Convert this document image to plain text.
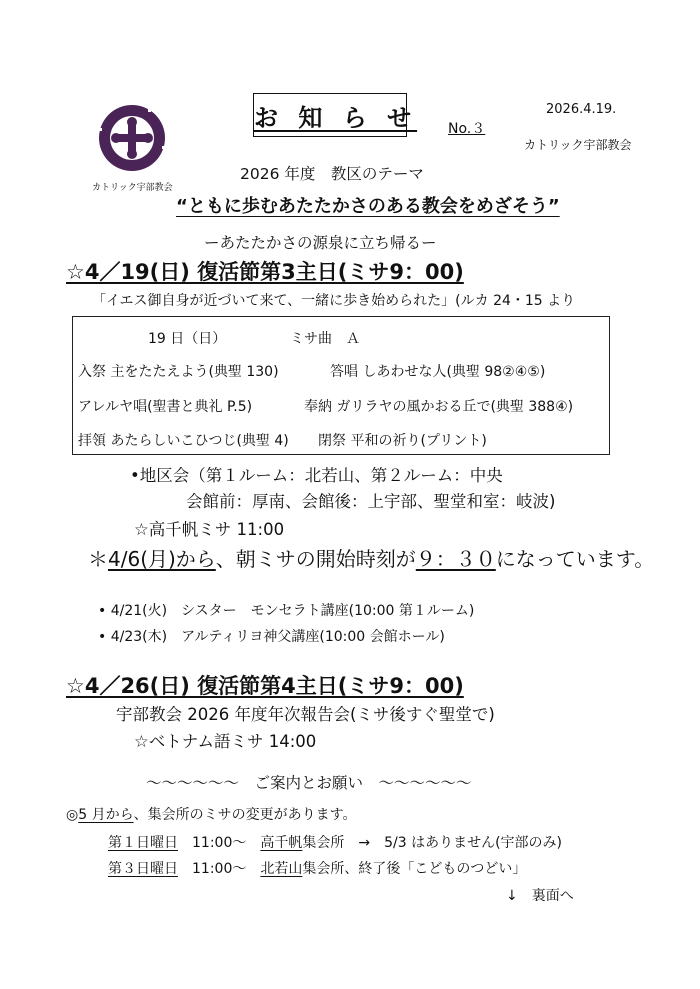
カトリック宇部教会
お 知 ら せ No.３
2026.4.19.
カトリック宇部教会
2026 年度　教区のテーマ
“ともに歩むあたたかさのある教会をめざそう”
ーあたたかさの源泉に立ち帰るー
☆4／19(日) 復活節第3主日(ミサ9：00)
「イエス御自身が近づいて来て、一緒に歩き始められた」(ルカ 24・15 より
19 日（日）	ミサ曲　Ａ
入祭 主をたたえよう(典聖 130)	答唱 しあわせな人(典聖 98②④⑤)
アレルヤ唱(聖書と典礼 P.5)	奉納 ガリラヤの風かおる丘で(典聖 388④)
拝領 あたらしいこひつじ(典聖 4) 閉祭 平和の祈り(プリント)
•地区会（第１ルーム：北若山、第２ルーム：中央
会館前：厚南、会館後：上宇部、聖堂和室：岐波)
☆高千帆ミサ 11:00
＊4/6(月)から、朝ミサの開始時刻が９：３０になっています。
• 4/21(火)　シスター　モンセラト講座(10:00 第１ルーム)
• 4/23(木)　アルティリヨ神父講座(10:00 会館ホール)
☆4／26(日) 復活節第4主日(ミサ9：00)
宇部教会 2026 年度年次報告会(ミサ後すぐ聖堂で)
☆ベトナム語ミサ 14:00
～～～～～～　ご案内とお願い　～～～～～～
◎5 月から、集会所のミサの変更があります。
第１日曜日　11:00～　高千帆集会所　→　5/3 はありません(宇部のみ)
第３日曜日　11:00～　北若山集会所、終了後「こどものつどい」
↓　裏面へ
